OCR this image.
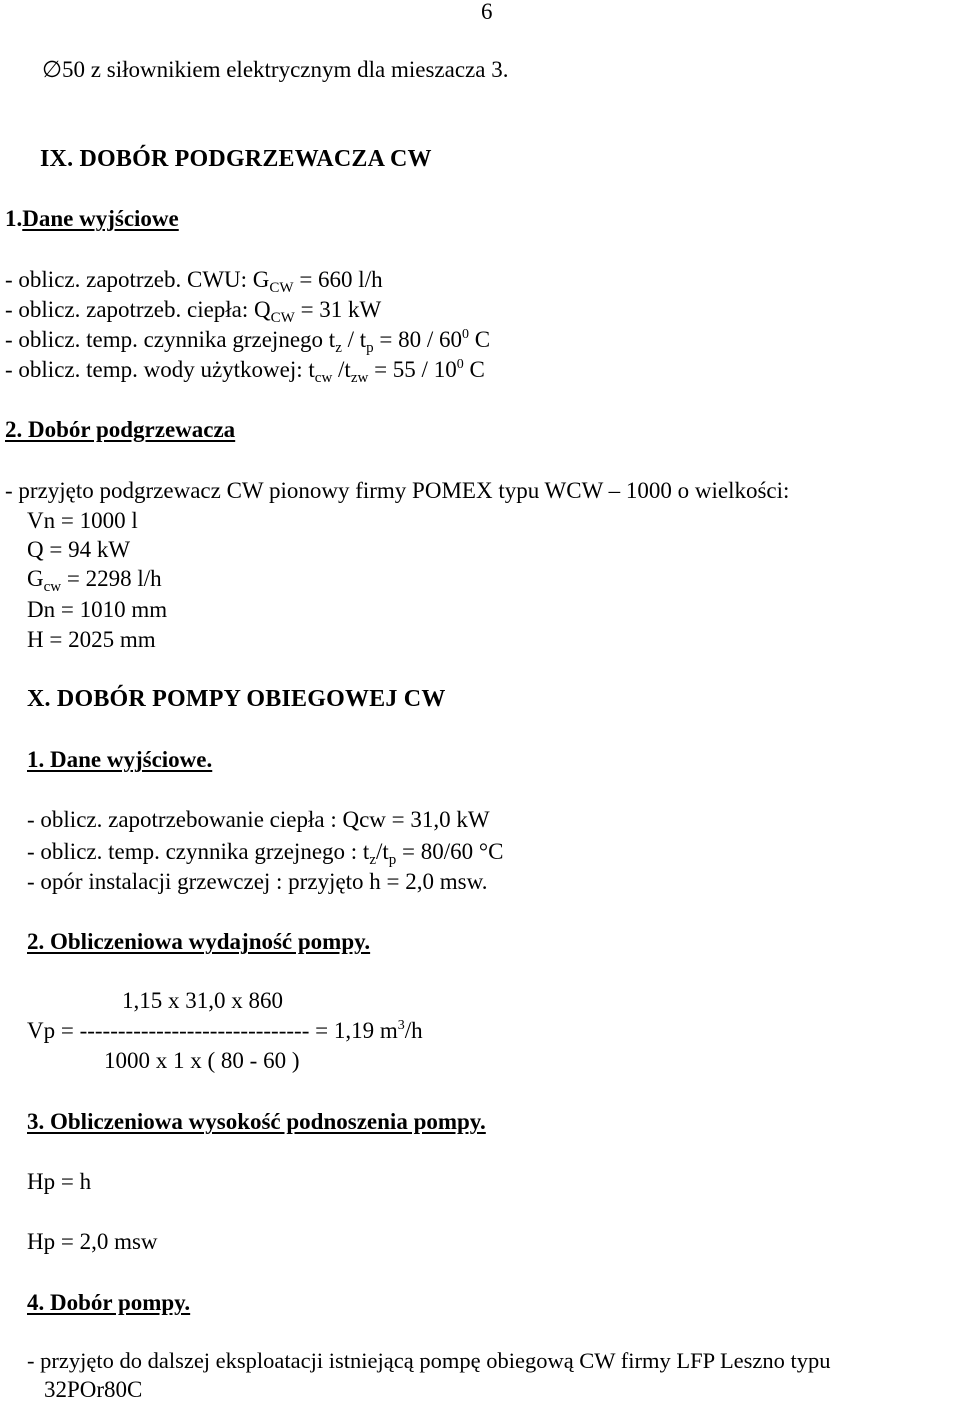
6
∅50 z siłownikiem elektrycznym dla mieszacza 3.
IX. DOBÓR PODGRZEWACZA CW
1.Dane wyjściowe
- oblicz. zapotrzeb. CWU: $G_{CW} = 660$ l/h
- oblicz. zapotrzeb. ciepła: $Q_{CW} = 31$ kW
- oblicz. temp. czynnika grzejnego $t_z / t_p = 80 / 60^0$ C
- oblicz. temp. wody użytkowej: $t_{cw}$ $/t_{zw} = 55 / 10^0$ C
2. Dobór podgrzewacza
- przyjęto podgrzewacz CW pionowy firmy POMEX typu WCW – 1000 o wielkości:
Vn = 1000 l
Q = 94 kW
$G_{cw} = 2298$ l/h
Dn = 1010 mm
H = 2025 mm
X. DOBÓR POMPY OBIEGOWEJ CW
1. Dane wyjściowe.
- oblicz. zapotrzebowanie ciepła : Qcw = 31,0 kW
- oblicz. temp. czynnika grzejnego : $t_z/t_p = 80/60$ °C
- opór instalacji grzewczej : przyjęto h = 2,0 msw.
2. Obliczeniowa wydajność pompy.
1,15 x 31,0 x 860
Vp = ------------------------------ = 1,19 $m^3/h$
1000 x 1 x ( 80 - 60 )
3. Obliczeniowa wysokość podnoszenia pompy.
Hp = h
Hp = 2,0 msw
4. Dobór pompy.
- przyjęto do dalszej eksploatacji istniejącą pompę obiegową CW firmy LFP Leszno typu
32POr80C
